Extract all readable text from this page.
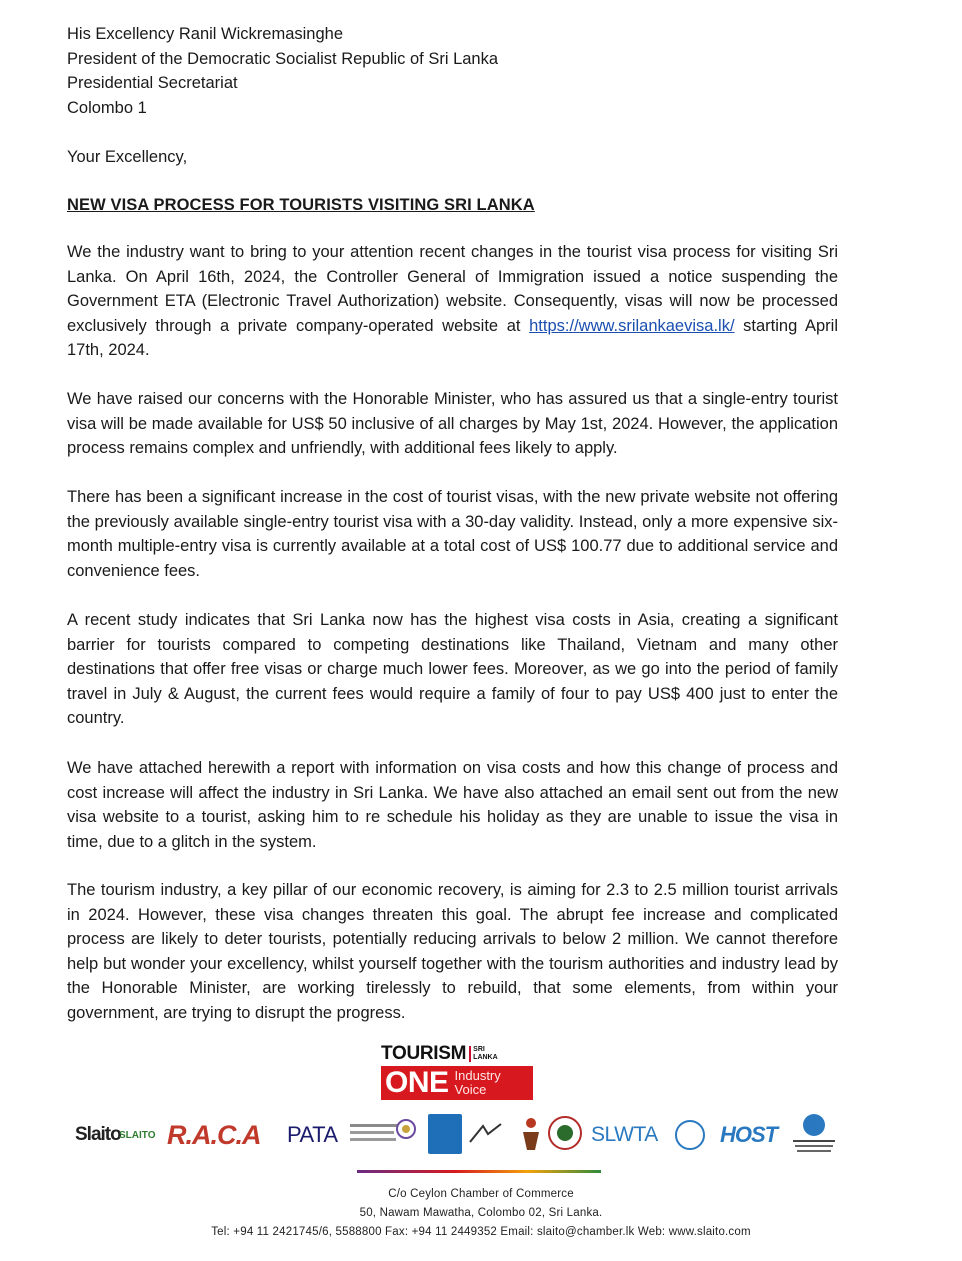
His Excellency Ranil Wickremasinghe
President of the Democratic Socialist Republic of Sri Lanka
Presidential Secretariat
Colombo 1
Your Excellency,
NEW VISA PROCESS FOR TOURISTS VISITING SRI LANKA
We the industry want to bring to your attention recent changes in the tourist visa process for visiting Sri Lanka. On April 16th, 2024, the Controller General of Immigration issued a notice suspending the Government ETA (Electronic Travel Authorization) website. Consequently, visas will now be processed exclusively through a private company-operated website at https://www.srilankaevisa.lk/ starting April 17th, 2024.
We have raised our concerns with the Honorable Minister, who has assured us that a single-entry tourist visa will be made available for US$ 50 inclusive of all charges by May 1st, 2024. However, the application process remains complex and unfriendly, with additional fees likely to apply.
There has been a significant increase in the cost of tourist visas, with the new private website not offering the previously available single-entry tourist visa with a 30-day validity. Instead, only a more expensive six-month multiple-entry visa is currently available at a total cost of US$ 100.77 due to additional service and convenience fees.
A recent study indicates that Sri Lanka now has the highest visa costs in Asia, creating a significant barrier for tourists compared to competing destinations like Thailand, Vietnam and many other destinations that offer free visas or charge much lower fees. Moreover, as we go into the period of family travel in July & August, the current fees would require a family of four to pay US$ 400 just to enter the country.
We have attached herewith a report with information on visa costs and how this change of process and cost increase will affect the industry in Sri Lanka. We have also attached an email sent out from the new visa website to a tourist, asking him to re schedule his holiday as they are unable to issue the visa in time, due to a glitch in the system.
The tourism industry, a key pillar of our economic recovery, is aiming for 2.3 to 2.5 million tourist arrivals in 2024. However, these visa changes threaten this goal. The abrupt fee increase and complicated process are likely to deter tourists, potentially reducing arrivals to below 2 million. We cannot therefore help but wonder your excellency, whilst yourself together with the tourism authorities and industry lead by the Honorable Minister, are working tirelessly to rebuild, that some elements, from within your government, are trying to disrupt the progress.
TOURISM	SRI
LANKA
ONE Industry
Voice
Slaito
SLAITO R.A.C.A PATA	SLWTA	HOST
C/o Ceylon Chamber of Commerce
50, Nawam Mawatha, Colombo 02, Sri Lanka.
Tel: +94 11 2421745/6, 5588800 Fax: +94 11 2449352 Email: slaito@chamber.lk Web: www.slaito.com
